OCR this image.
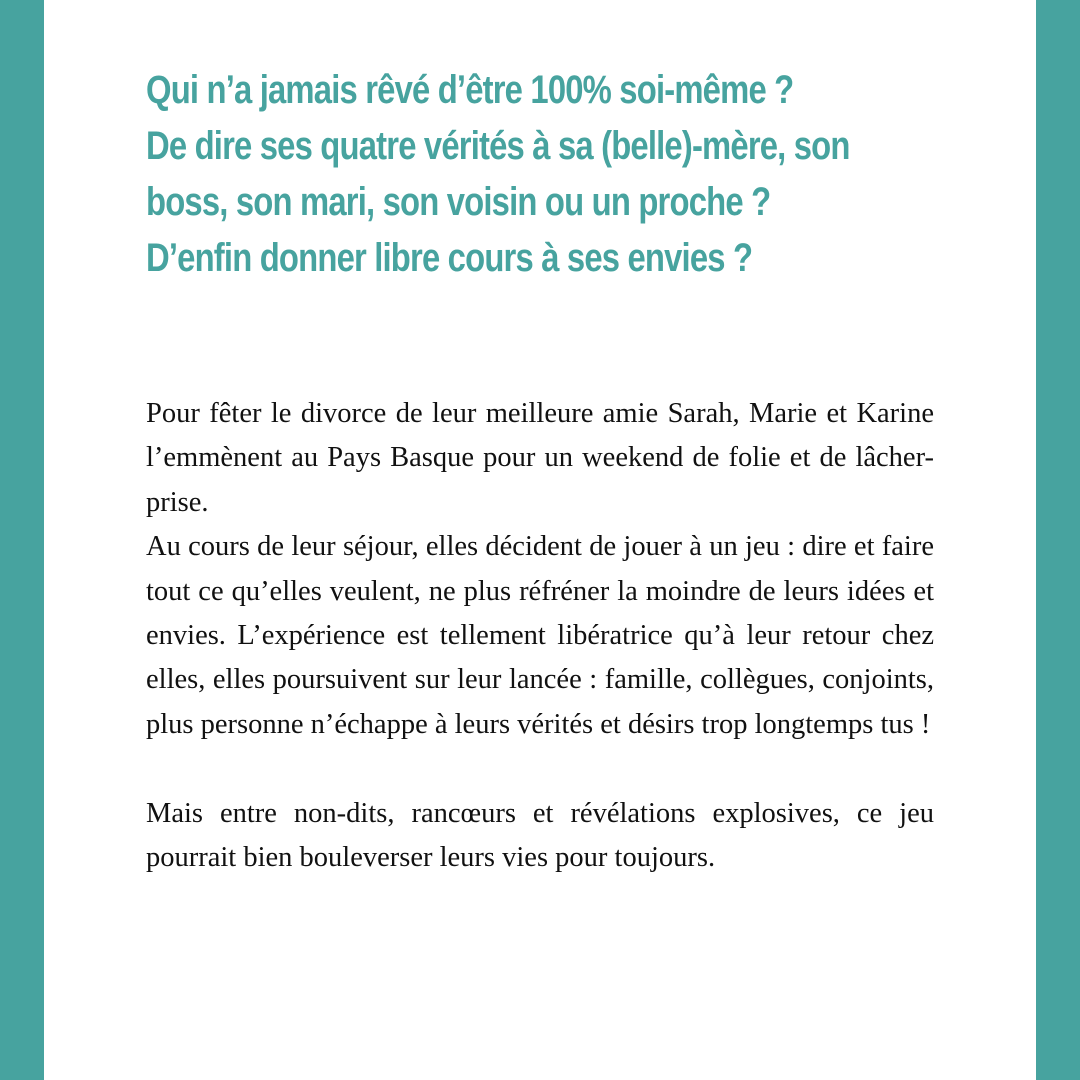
Qui n’a jamais rêvé d’être 100% soi-même ?
De dire ses quatre vérités à sa (belle)-mère, son
boss, son mari, son voisin ou un proche ?
D’enfin donner libre cours à ses envies ?

Pour fêter le divorce de leur meilleure amie Sarah, Marie et Karine l’emmènent au Pays Basque pour un weekend de folie et de lâcher-prise.

Au cours de leur séjour, elles décident de jouer à un jeu : dire et faire tout ce qu’elles veulent, ne plus réfréner la moindre de leurs idées et envies. L’expérience est tellement libératrice qu’à leur retour chez elles, elles poursuivent sur leur lancée : famille, collègues, conjoints, plus personne n’échappe à leurs vérités et désirs trop longtemps tus !

Mais entre non-dits, rancœurs et révélations explosives, ce jeu pourrait bien bouleverser leurs vies pour toujours.
